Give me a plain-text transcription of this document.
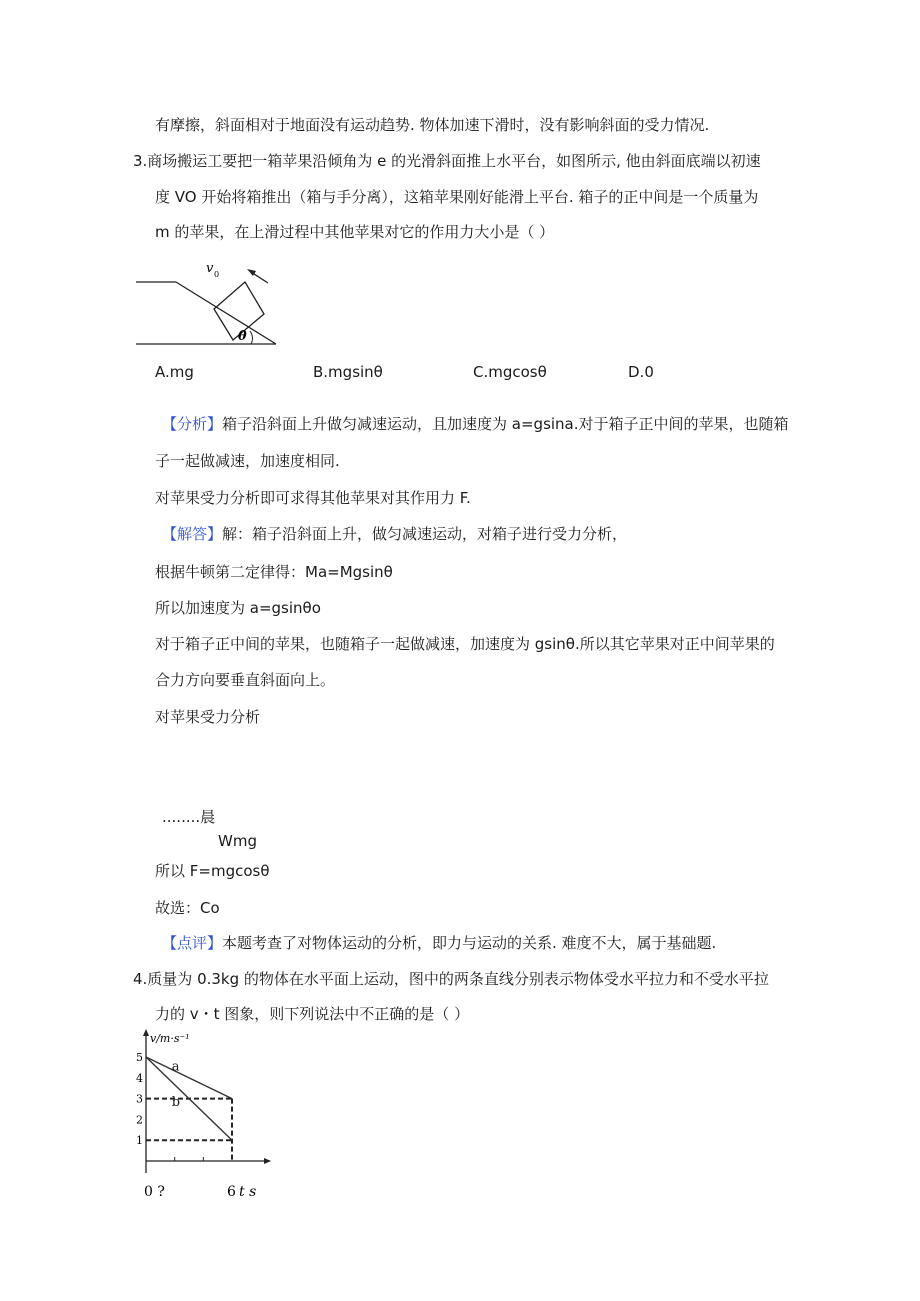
有摩擦，斜面相对于地面没有运动趋势. 物体加速下滑时，没有影响斜面的受力情况.
3.商场搬运工要把一箱苹果沿倾角为 e 的光滑斜面推上水平台，如图所示, 他由斜面底端以初速
度 VO 开始将箱推出（箱与手分离），这箱苹果刚好能滑上平台. 箱子的正中间是一个质量为
m 的苹果，在上滑过程中其他苹果对它的作用力大小是（ ）
v 0
θ
A.mg	B.mgsinθ	C.mgcosθ	D.0
【分析】箱子沿斜面上升做匀减速运动，且加速度为 a=gsina.对于箱子正中间的苹果，也随箱
子一起做减速，加速度相同.
对苹果受力分析即可求得其他苹果对其作用力 F.
【解答】解：箱子沿斜面上升，做匀减速运动，对箱子进行受力分析，
根据牛顿第二定律得：Ma=Mgsinθ
所以加速度为 a=gsinθo
对于箱子正中间的苹果，也随箱子一起做减速，加速度为 gsinθ.所以其它苹果对正中间苹果的
合力方向要垂直斜面向上。
对苹果受力分析
........晨
Wmg
所以 F=mgcosθ
故选：Co
【点评】本题考查了对物体运动的分析，即力与运动的关系. 难度不大，属于基础题.
4.质量为 0.3kg 的物体在水平面上运动，图中的两条直线分别表示物体受水平拉力和不受水平拉
力的 v・t 图象，则下列说法中不正确的是（ ）
1
2
3
4
5
v/m·s⁻¹
0 ?	6 t s
a
b
